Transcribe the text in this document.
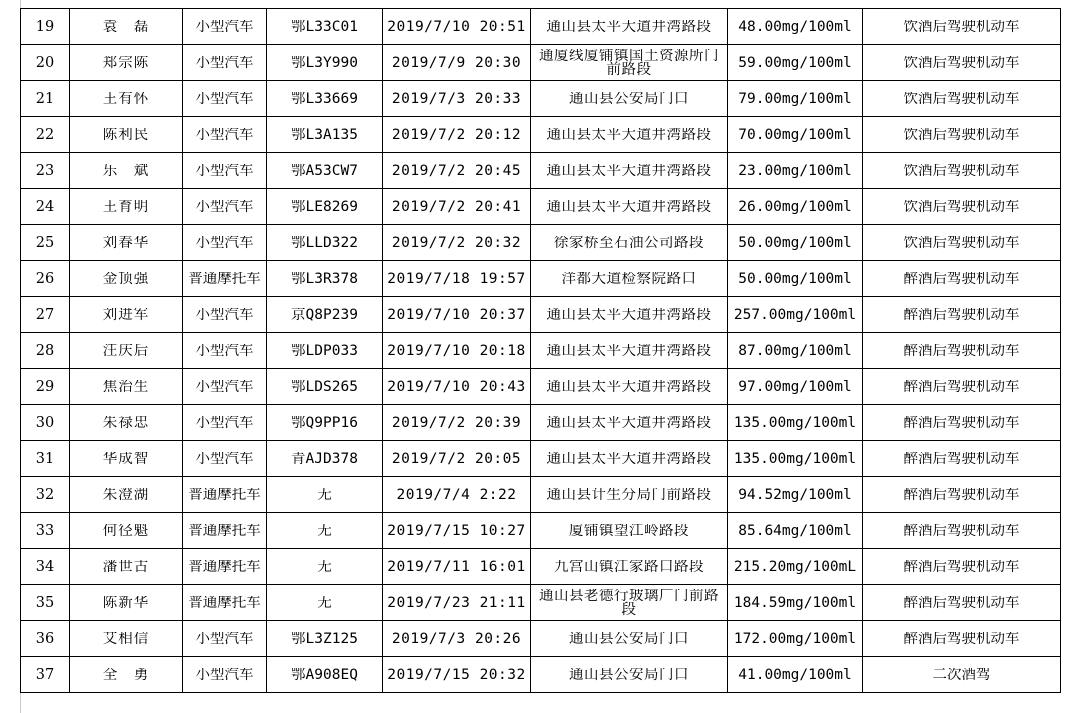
19	袁　磊	小型汽车	鄂L33C01	2019/7/10 20:51	通山县太平大道井湾路段	48.00mg/100ml	饮酒后驾驶机动车

20	郑宗陈	小型汽车	鄂L3Y990	2019/7/9 20:30	通厦线厦铺镇国土资源所门前路段	59.00mg/100ml	饮酒后驾驶机动车

21	王有怀	小型汽车	鄂L33669	2019/7/3 20:33	通山县公安局门口	79.00mg/100ml	饮酒后驾驶机动车

22	陈利民	小型汽车	鄂L3A135	2019/7/2 20:12	通山县太平大道井湾路段	70.00mg/100ml	饮酒后驾驶机动车

23	乐　斌	小型汽车	鄂A53CW7	2019/7/2 20:45	通山县太平大道井湾路段	23.00mg/100ml	饮酒后驾驶机动车

24	王育明	小型汽车	鄂LE8269	2019/7/2 20:41	通山县太平大道井湾路段	26.00mg/100ml	饮酒后驾驶机动车

25	刘春华	小型汽车	鄂LLD322	2019/7/2 20:32	徐家桥至石油公司路段	50.00mg/100ml	饮酒后驾驶机动车

26	金顶强	普通摩托车	鄂L3R378	2019/7/18 19:57	洋都大道检察院路口	50.00mg/100ml	醉酒后驾驶机动车

27	刘进军	小型汽车	京Q8P239	2019/7/10 20:37	通山县太平大道井湾路段	257.00mg/100ml	醉酒后驾驶机动车

28	汪庆后	小型汽车	鄂LDP033	2019/7/10 20:18	通山县太平大道井湾路段	87.00mg/100ml	醉酒后驾驶机动车

29	焦治生	小型汽车	鄂LDS265	2019/7/10 20:43	通山县太平大道井湾路段	97.00mg/100ml	醉酒后驾驶机动车

30	朱禄忠	小型汽车	鄂Q9PP16	2019/7/2 20:39	通山县太平大道井湾路段	135.00mg/100ml	醉酒后驾驶机动车

31	华成智	小型汽车	青AJD378	2019/7/2 20:05	通山县太平大道井湾路段	135.00mg/100ml	醉酒后驾驶机动车

32	朱澄湖	普通摩托车	无	2019/7/4 2:22	通山县计生分局门前路段	94.52mg/100ml	醉酒后驾驶机动车

33	何径魁	普通摩托车	无	2019/7/15 10:27	厦铺镇望江岭路段	85.64mg/100ml	醉酒后驾驶机动车

34	潘世古	普通摩托车	无	2019/7/11 16:01	九宫山镇江家路口路段	215.20mg/100mL	醉酒后驾驶机动车

35	陈新华	普通摩托车	无	2019/7/23 21:11	通山县老德行玻璃厂门前路段	184.59mg/100ml	醉酒后驾驶机动车

36	艾相信	小型汽车	鄂L3Z125	2019/7/3 20:26	通山县公安局门口	172.00mg/100ml	醉酒后驾驶机动车

37	全　勇	小型汽车	鄂A908EQ	2019/7/15 20:32	通山县公安局门口	41.00mg/100ml	二次酒驾
